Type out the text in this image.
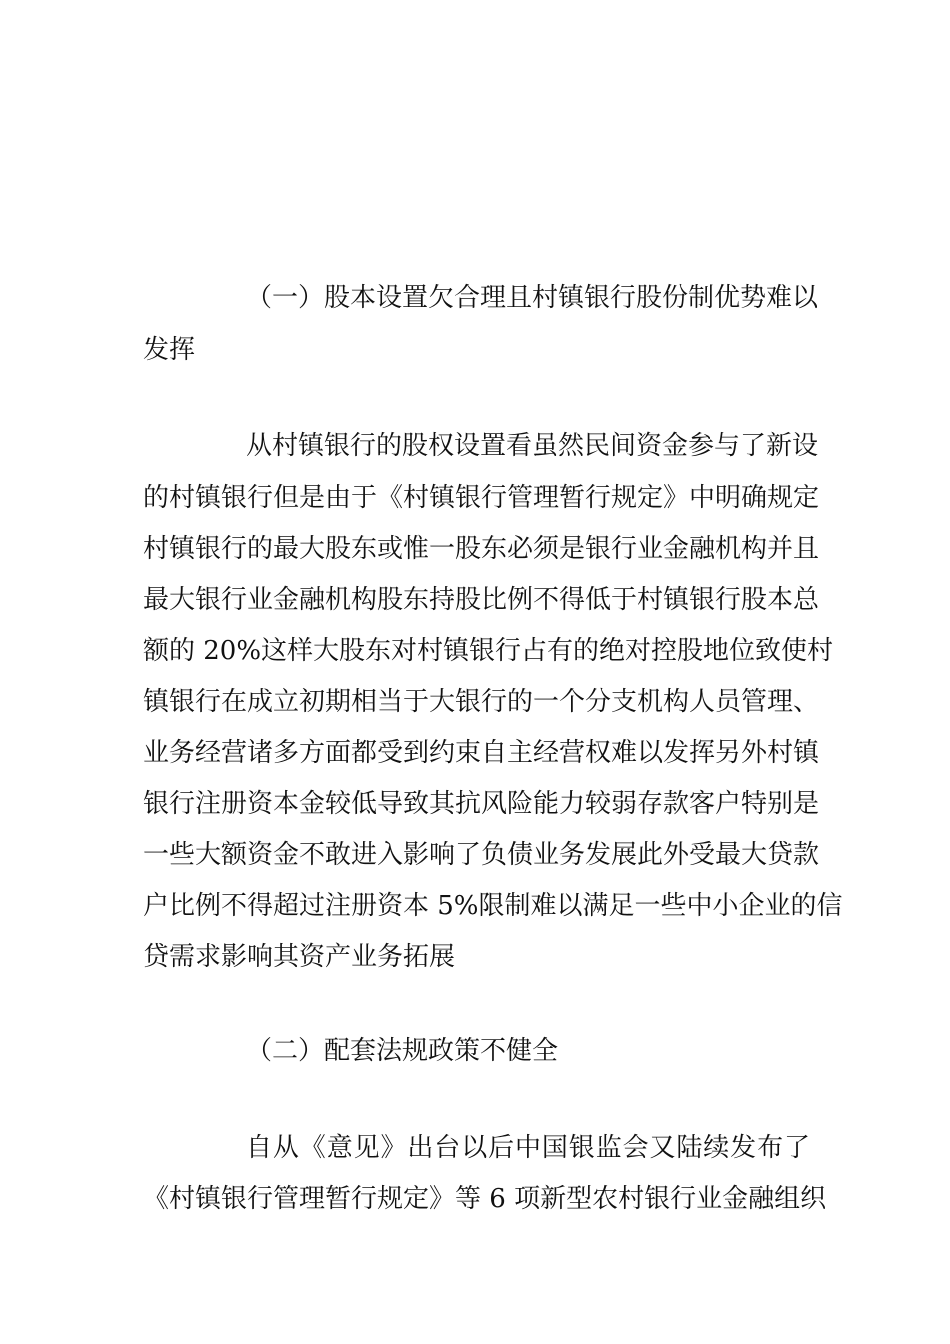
（一）股本设置欠合理且村镇银行股份制优势难以
发挥
从村镇银行的股权设置看虽然民间资金参与了新设
的村镇银行但是由于《村镇银行管理暂行规定》中明确规定
村镇银行的最大股东或惟一股东必须是银行业金融机构并且
最大银行业金融机构股东持股比例不得低于村镇银行股本总
额的 20%这样大股东对村镇银行占有的绝对控股地位致使村
镇银行在成立初期相当于大银行的一个分支机构人员管理、
业务经营诸多方面都受到约束自主经营权难以发挥另外村镇
银行注册资本金较低导致其抗风险能力较弱存款客户特别是
一些大额资金不敢进入影响了负债业务发展此外受最大贷款
户比例不得超过注册资本 5%限制难以满足一些中小企业的信
贷需求影响其资产业务拓展
（二）配套法规政策不健全
自从《意见》出台以后中国银监会又陆续发布了
《村镇银行管理暂行规定》等 6 项新型农村银行业金融组织
